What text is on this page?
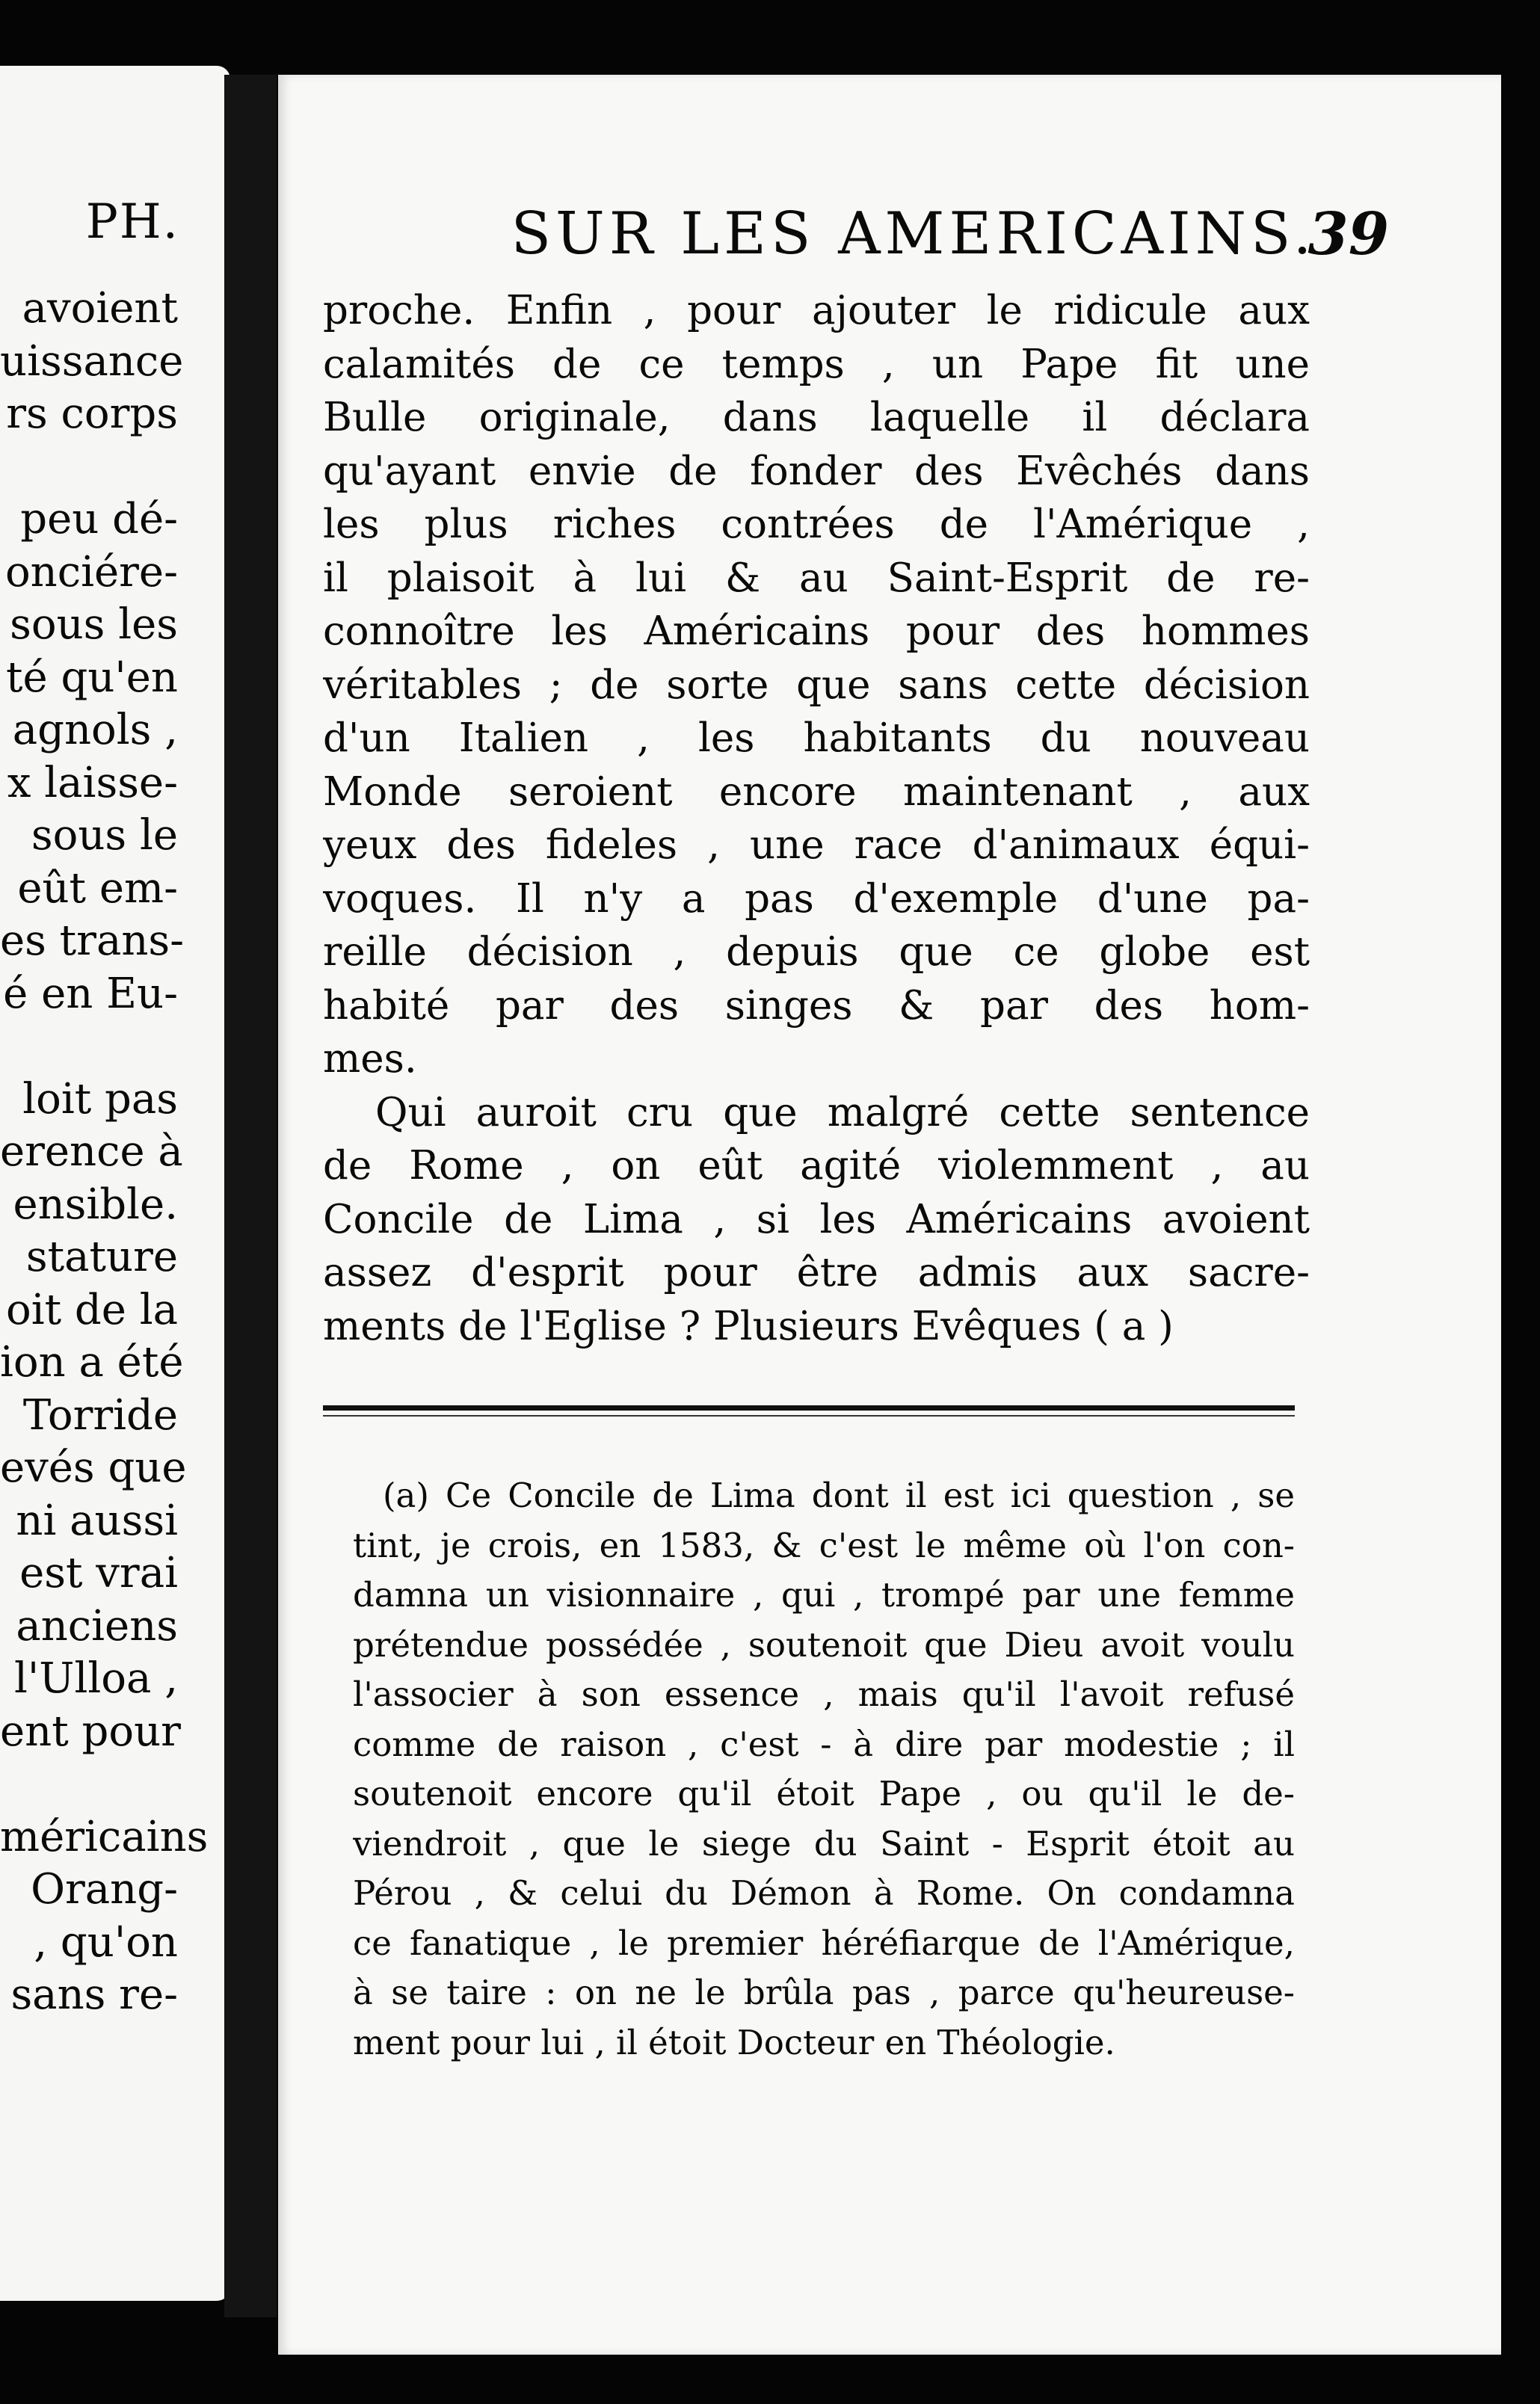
PH.
avoient
uissance
rs corps
peu dé-
onciére-
sous les
té qu'en
agnols ,
x laisse-
sous le
eût em-
es trans-
é en Eu-
loit pas
erence à
ensible.
stature
oit de la
ion a été
Torride
evés que
ni aussi
est vrai
anciens
l'Ulloa ,
ent pour
méricains
Orang-
, qu'on
sans re-
SUR LES AMERICAINS.
39
proche. Enfin , pour ajouter le ridicule aux
calamités de ce temps , un Pape fit une
Bulle originale, dans laquelle il déclara
qu'ayant envie de fonder des Evêchés dans
les plus riches contrées de l'Amérique ,
il plaisoit à lui & au Saint-Esprit de re-
connoître les Américains pour des hommes
véritables ; de sorte que sans cette décision
d'un Italien , les habitants du nouveau
Monde seroient encore maintenant , aux
yeux des fideles , une race d'animaux équi-
voques. Il n'y a pas d'exemple d'une pa-
reille décision , depuis que ce globe est
habité par des singes & par des hom-
mes.
Qui auroit cru que malgré cette sentence
de Rome , on eût agité violemment , au
Concile de Lima , si les Américains avoient
assez d'esprit pour être admis aux sacre-
ments de l'Eglise ? Plusieurs Evêques ( a )
(a) Ce Concile de Lima dont il est ici question , se
tint, je crois, en 1583, & c'est le même où l'on con-
damna un visionnaire , qui , trompé par une femme
prétendue possédée , soutenoit que Dieu avoit voulu
l'associer à son essence , mais qu'il l'avoit refusé
comme de raison , c'est - à dire par modestie ; il
soutenoit encore qu'il étoit Pape , ou qu'il le de-
viendroit , que le siege du Saint - Esprit étoit au
Pérou , & celui du Démon à Rome. On condamna
ce fanatique , le premier héréfiarque de l'Amérique,
à se taire : on ne le brûla pas , parce qu'heureuse-
ment pour lui , il étoit Docteur en Théologie.
